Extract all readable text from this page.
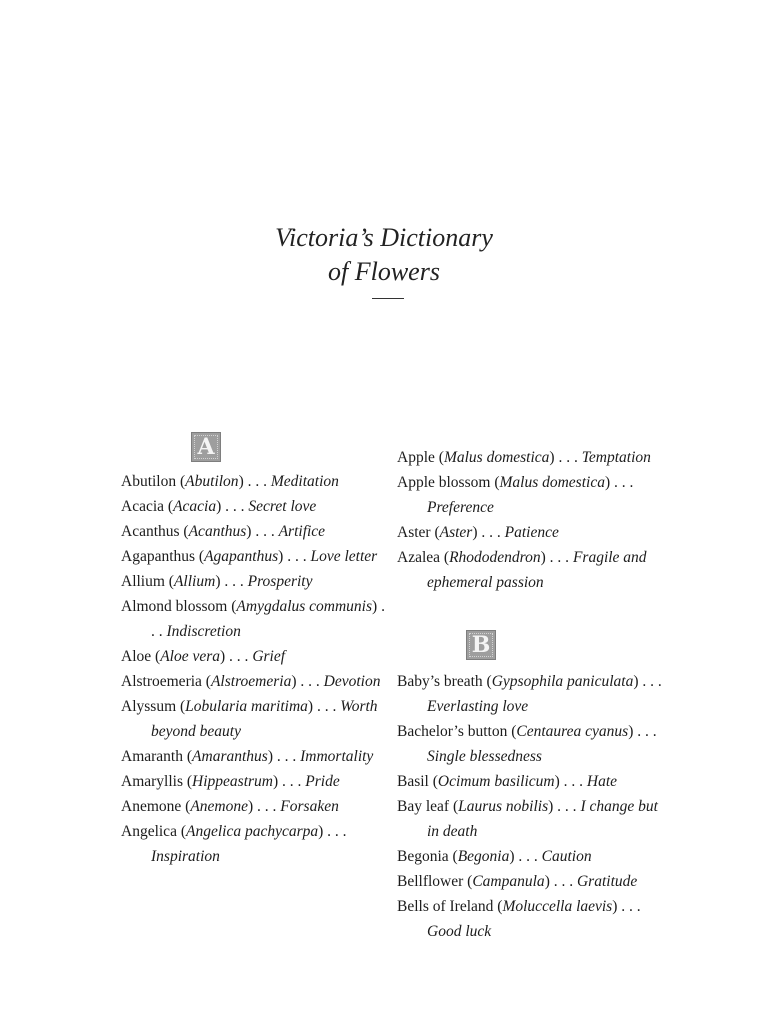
Victoria’s Dictionary
of Flowers
A

Abutilon (Abutilon) . . . Meditation

Acacia (Acacia) . . . Secret love

Acanthus (Acanthus) . . . Artifice

Agapanthus (Agapanthus) . . . Love letter

Allium (Allium) . . . Prosperity

Almond blossom (Amygdalus communis) . . . Indiscretion

Aloe (Aloe vera) . . . Grief

Alstroemeria (Alstroemeria) . . . Devotion

Alyssum (Lobularia maritima) . . . Worth beyond beauty

Amaranth (Amaranthus) . . . Immortality

Amaryllis (Hippeastrum) . . . Pride

Anemone (Anemone) . . . Forsaken

Angelica (Angelica pachycarpa) . . . Inspiration

Apple (Malus domestica) . . . Temptation

Apple blossom (Malus domestica) . . . Preference

Aster (Aster) . . . Patience

Azalea (Rhododendron) . . . Fragile and ephemeral passion

B

Baby’s breath (Gypsophila paniculata) . . . Everlasting love

Bachelor’s button (Centaurea cyanus) . . . Single blessedness

Basil (Ocimum basilicum) . . . Hate

Bay leaf (Laurus nobilis) . . . I change but in death

Begonia (Begonia) . . . Caution

Bellflower (Campanula) . . . Gratitude

Bells of Ireland (Moluccella laevis) . . . Good luck
